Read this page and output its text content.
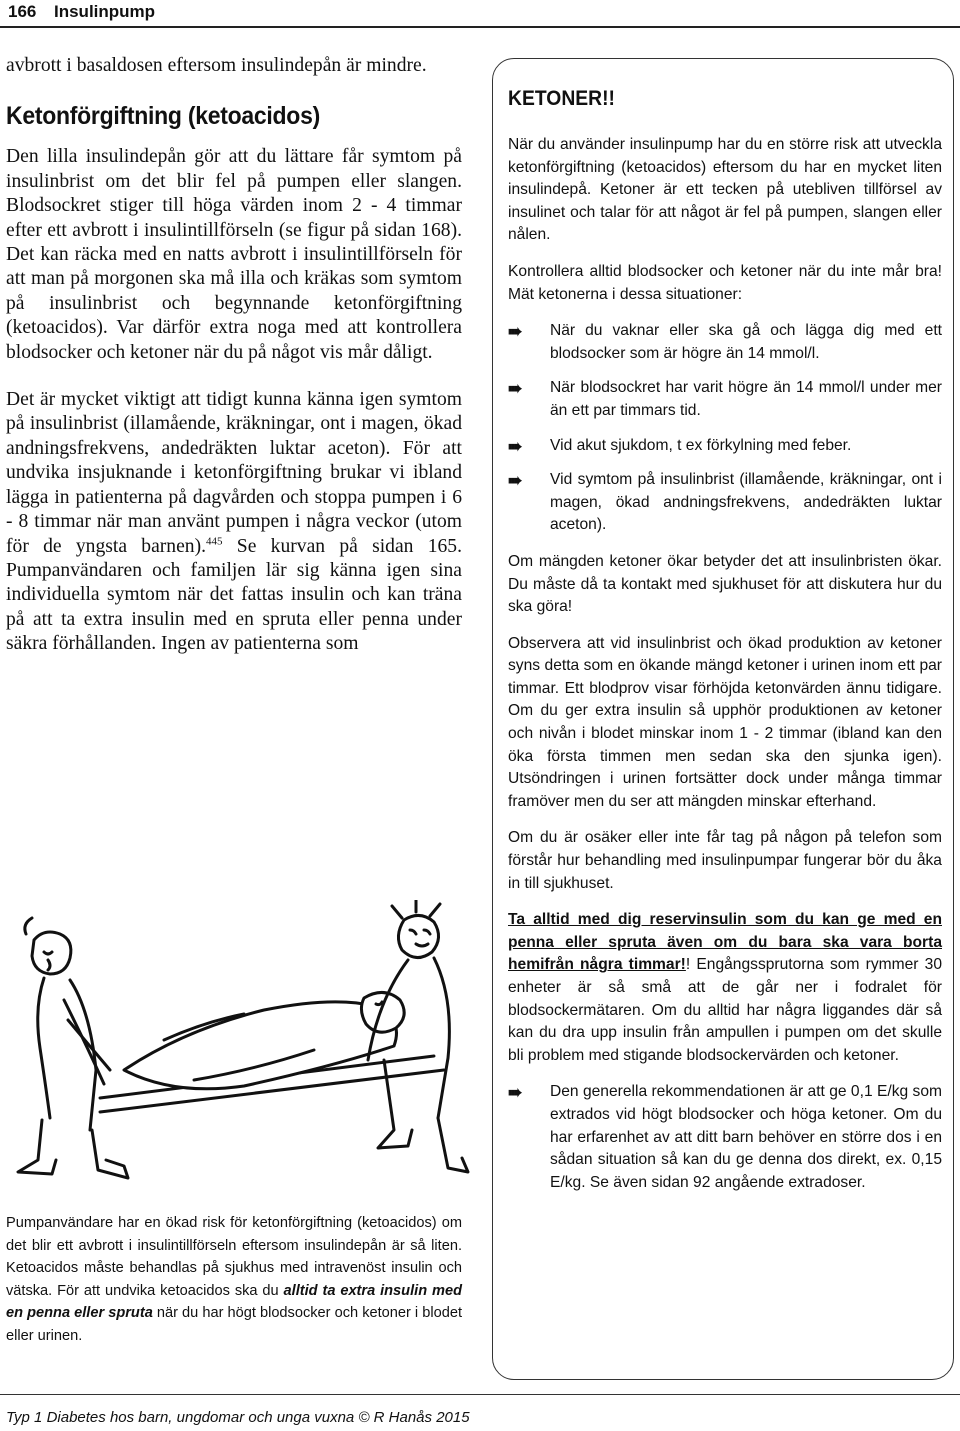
166 Insulinpump

avbrott i basaldosen eftersom insulindepån är mindre.

Ketonförgiftning (ketoacidos)

Den lilla insulindepån gör att du lättare får symtom på insulinbrist om det blir fel på pumpen eller slangen. Blodsockret stiger till höga värden inom 2 - 4 timmar efter ett avbrott i insulintillförseln (se figur på sidan 168). Det kan räcka med en natts avbrott i insulintillförseln för att man på morgonen ska må illa och kräkas som symtom på insulinbrist och begynnande ketonförgiftning (ketoacidos). Var därför extra noga med att kontrollera blodsocker och ketoner när du på något vis mår dåligt.

Det är mycket viktigt att tidigt kunna känna igen symtom på insulinbrist (illamående, kräkningar, ont i magen, ökad andningsfrekvens, andedräkten luktar aceton). För att undvika insjuknande i ketonförgiftning brukar vi ibland lägga in patienterna på dagvården och stoppa pumpen i 6 - 8 timmar när man använt pumpen i några veckor (utom för de yngsta barnen).$^{445}$ Se kurvan på sidan 165. Pumpanvändaren och familjen lär sig känna igen sina individuella symtom när det fattas insulin och kan träna på att ta extra insulin med en spruta eller penna under säkra förhållanden. Ingen av patienterna som

Pumpanvändare har en ökad risk för ketonförgiftning (ketoacidos) om det blir ett avbrott i insulintillförseln eftersom insulindepån är så liten. Ketoacidos måste behandlas på sjukhus med intravenöst insulin och vätska. För att undvika ketoacidos ska du alltid ta extra insulin med en penna eller spruta när du har högt blodsocker och ketoner i blodet eller urinen.
KETONER!!

När du använder insulinpump har du en större risk att utveckla ketonförgiftning (ketoacidos) eftersom du har en mycket liten insulindepå. Ketoner är ett tecken på utebliven tillförsel av insulinet och talar för att något är fel på pumpen, slangen eller nålen.

Kontrollera alltid blodsocker och ketoner när du inte mår bra! Mät ketonerna i dessa situationer:

➠ När du vaknar eller ska gå och lägga dig med ett blodsocker som är högre än 14 mmol/l.
➠ När blodsockret har varit högre än 14 mmol/l under mer än ett par timmars tid.
➠ Vid akut sjukdom, t ex förkylning med feber.
➠ Vid symtom på insulinbrist (illamående, kräkningar, ont i magen, ökad andningsfrekvens, andedräkten luktar aceton).

Om mängden ketoner ökar betyder det att insulinbristen ökar. Du måste då ta kontakt med sjukhuset för att diskutera hur du ska göra!

Observera att vid insulinbrist och ökad produktion av ketoner syns detta som en ökande mängd ketoner i urinen inom ett par timmar. Ett blodprov visar förhöjda ketonvärden ännu tidigare. Om du ger extra insulin så upphör produktionen av ketoner och nivån i blodet minskar inom 1 - 2 timmar (ibland kan den öka första timmen men sedan ska den sjunka igen). Utsöndringen i urinen fortsätter dock under många timmar framöver men du ser att mängden minskar efterhand.

Om du är osäker eller inte får tag på någon på telefon som förstår hur behandling med insulinpumpar fungerar bör du åka in till sjukhuset.

Ta alltid med dig reservinsulin som du kan ge med en penna eller spruta även om du bara ska vara borta hemifrån några timmar!! Engångssprutorna som rymmer 30 enheter är så små att de går ner i fodralet för blodsockermätaren. Om du alltid har några liggandes där så kan du dra upp insulin från ampullen i pumpen om det skulle bli problem med stigande blodsockervärden och ketoner.

➠ Den generella rekommendationen är att ge 0,1 E/kg som extrados vid högt blodsocker och höga ketoner. Om du har erfarenhet av att ditt barn behöver en större dos i en sådan situation så kan du ge denna dos direkt, ex. 0,15 E/kg. Se även sidan 92 angående extradoser.
Typ 1 Diabetes hos barn, ungdomar och unga vuxna © R Hanås 2015
